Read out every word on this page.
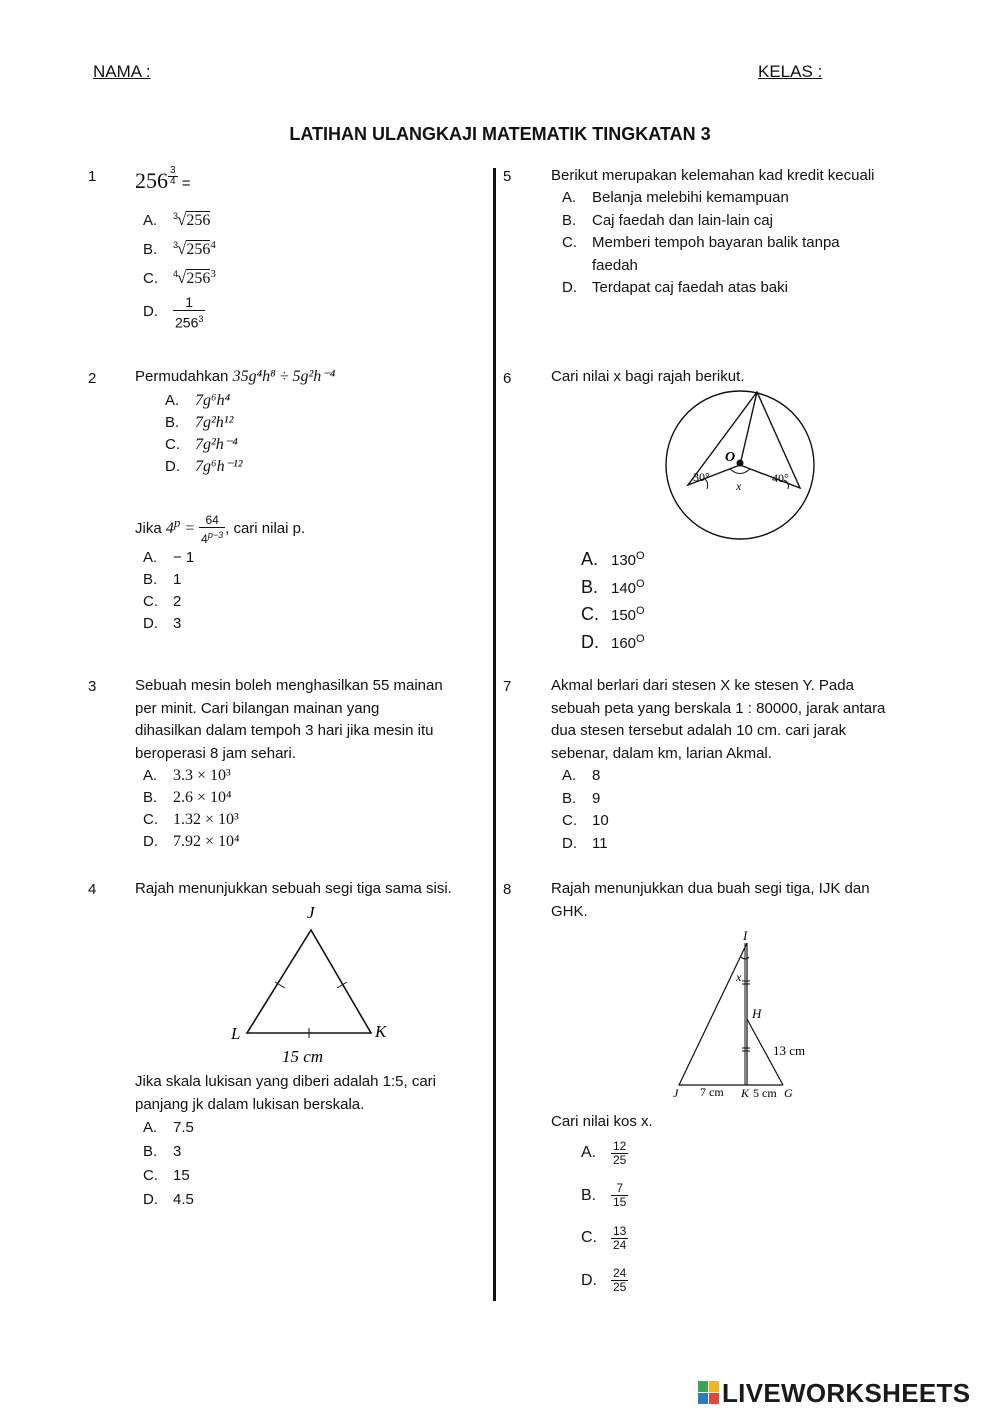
NAMA :	KELAS :
LATIHAN ULANGKAJI MATEMATIK TINGKATAN 3
1 $256 \frac{3}{4}$ =
A. $^3$√256
B. $^3√256^4$
C. $^4√256^3$
D. $\frac{1}{256^3}$
2	Permudahkan 35g⁴h⁸ ÷ 5g²h⁻⁴
A. 7g⁶h⁴
B. 7g²h¹²
C. 7g²h⁻⁴
D. 7g⁶h⁻¹²
Jika $4^p = \frac{64}{4^{p-3}}$ , cari nilai p.
A. − 1
B. 1
C. 2
D. 3
3	Sebuah mesin boleh menghasilkan 55 mainan
per minit. Cari bilangan mainan yang
dihasilkan dalam tempoh 3 hari jika mesin itu
beroperasi 8 jam sehari.
A. 3.3 × 10³
B. 2.6 × 10⁴
C. 1.32 × 10³
D. 7.92 × 10⁴
4	Rajah menunjukkan sebuah segi tiga sama sisi.
J
L	K
15 cm
Jika skala lukisan yang diberi adalah 1:5, cari
panjang jk dalam lukisan berskala.
A. 7.5
B. 3
C. 15
D. 4.5
5	Berikut merupakan kelemahan kad kredit kecuali
A. Belanja melebihi kemampuan
B. Caj faedah dan lain-lain caj
C. Memberi tempoh bayaran balik tanpa
faedah
D. Terdapat caj faedah atas baki
6	Cari nilai x bagi rajah berikut.
O
30°	40°
x
A. $130^O$
B. $140^O$
C. $150^O$
D. $160^O$
7	Akmal berlari dari stesen X ke stesen Y. Pada
sebuah peta yang berskala 1 : 80000, jarak antara
dua stesen tersebut adalah 10 cm. cari jarak
sebenar, dalam km, larian Akmal.
A. 8
B. 9
C. 10
D. 11
8	Rajah menunjukkan dua buah segi tiga, IJK dan
GHK.
I
x
H
13 cm
J 7 cm K 5 cm G
Cari nilai kos x.
A. $\frac{12}{25}$
B. $\frac{7}{15}$
C. $\frac{13}{24}$
D. $\frac{24}{25}$
LIVEWORKSHEETS
